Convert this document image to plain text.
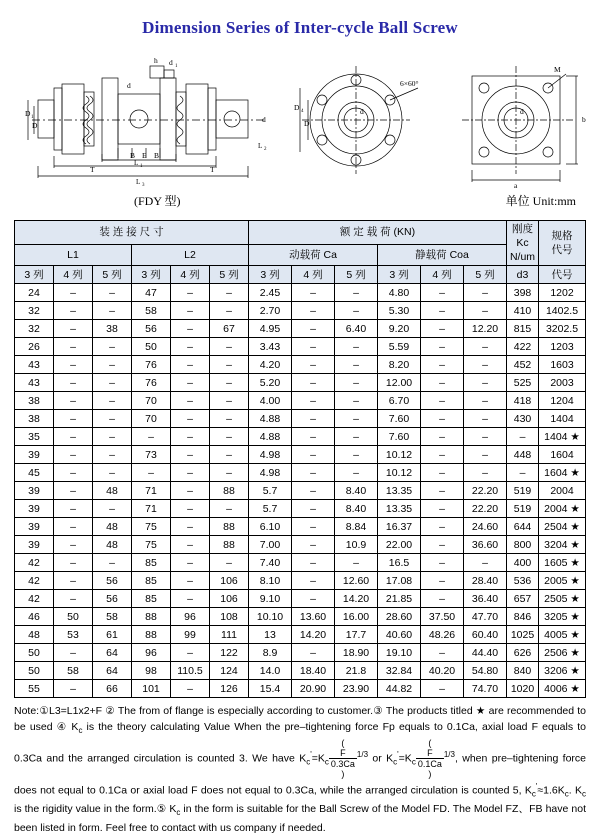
Dimension Series of Inter-cycle Ball Screw
D 1
D
h d 1
d
d
T
B E B
T
L 1
L 3
L 2
D 4
D
6×60°
d
M
b
a
d
(FDY 型)	单位 Unit:mm
装 连 接 尺 寸						额 定 载 荷 (KN)						刚度 Kc
N/um	规格
代号
L1			L2			动载荷 Ca			静载荷 Coa				
3 列	4 列	5 列	3 列	4 列	5 列	3 列	4 列	5 列	3 列	4 列	5 列	d3	代号
24	–	–	47	–	–	2.45	–	–	4.80	–	–	398	1202
32	–	–	58	–	–	2.70	–	–	5.30	–	–	410	1402.5
32	–	38	56	–	67	4.95	–	6.40	9.20	–	12.20	815	3202.5
26	–	–	50	–	–	3.43	–	–	5.59	–	–	422	1203
43	–	–	76	–	–	4.20	–	–	8.20	–	–	452	1603
43	–	–	76	–	–	5.20	–	–	12.00	–	–	525	2003
38	–	–	70	–	–	4.00	–	–	6.70	–	–	418	1204
38	–	–	70	–	–	4.88	–	–	7.60	–	–	430	1404
35	–	–	–	–	–	4.88	–	–	7.60	–	–	–	1404 ★
39	–	–	73	–	–	4.98	–	–	10.12	–	–	448	1604
45	–	–	–	–	–	4.98	–	–	10.12	–	–	–	1604 ★
39	–	48	71	–	88	5.7	–	8.40	13.35	–	22.20	519	2004
39	–	–	71	–	–	5.7	–	8.40	13.35	–	22.20	519	2004 ★
39	–	48	75	–	88	6.10	–	8.84	16.37	–	24.60	644	2504 ★
39	–	48	75	–	88	7.00	–	10.9	22.00	–	36.60	800	3204 ★
42	–	–	85	–	–	7.40	–	–	16.5	–	–	400	1605 ★
42	–	56	85	–	106	8.10	–	12.60	17.08	–	28.40	536	2005 ★
42	–	56	85	–	106	9.10	–	14.20	21.85	–	36.40	657	2505 ★
46	50	58	88	96	108	10.10	13.60	16.00	28.60	37.50	47.70	846	3205 ★
48	53	61	88	99	111	13	14.20	17.7	40.60	48.26	60.40	1025	4005 ★
50	–	64	96	–	122	8.9	–	18.90	19.10	–	44.40	626	2506 ★
50	58	64	98	110.5	124	14.0	18.40	21.8	32.84	40.20	54.80	840	3206 ★
55	–	66	101	–	126	15.4	20.90	23.90	44.82	–	74.70	1020	4006 ★
Note:①L3=L1x2+F ② The from of flange is especially according to customer.③ The products titled ★ are recommended to be used ④ $K_c$ is the theory calculating Value When the pre–tightening force Fp equals to 0.1Ca, axial load F equals to 0.3Ca and the arranged circulation is counted 3. We have $K_c'=K_c$(
F
0.3Ca
)$^{1/3}$ or $K_c'=K_c$(
F
0.1Ca
)$^{1/3}$, when pre–tightening force does not equal to 0.1Ca or axial load F does not equal to 0.3Ca, while the arranged circulation is counted 5, $K_c'\approx 1.6K_c$. $K_c$ is the rigidity value in the form.⑤ $K_c$ in the form is suitable for the Ball Screw of the Model FD. The Model FZ、FB have not been listed in form. Feel free to contact with us company if needed.
